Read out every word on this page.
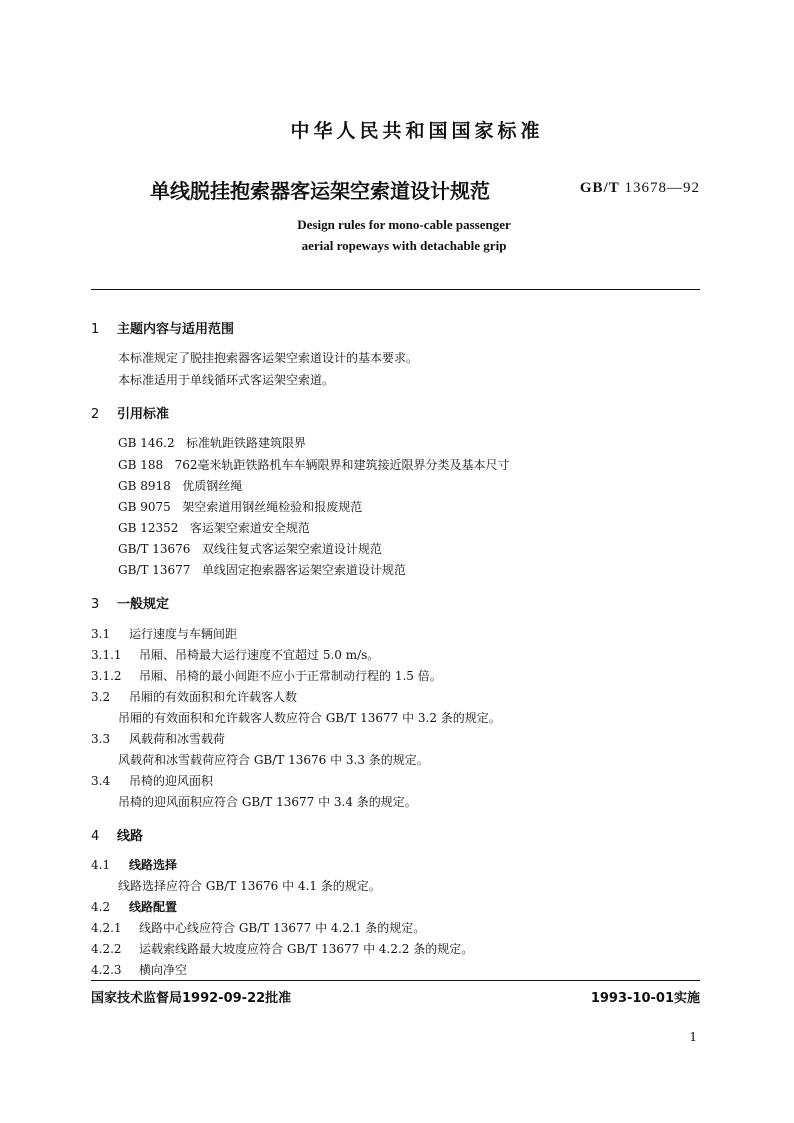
中华人民共和国国家标准
单线脱挂抱索器客运架空索道设计规范	GB/T 13678—92
Design rules for mono-cable passenger
aerial ropeways with detachable grip
1 主题内容与适用范围
本标准规定了脱挂抱索器客运架空索道设计的基本要求。
本标准适用于单线循环式客运架空索道。
2 引用标准
GB 146.2 标准轨距铁路建筑限界
GB 188 762毫米轨距铁路机车车辆限界和建筑接近限界分类及基本尺寸
GB 8918 优质钢丝绳
GB 9075 架空索道用钢丝绳检验和报废规范
GB 12352 客运架空索道安全规范
GB/T 13676 双线往复式客运架空索道设计规范
GB/T 13677 单线固定抱索器客运架空索道设计规范
3 一般规定
3.1 运行速度与车辆间距
3.1.1 吊厢、吊椅最大运行速度不宜超过 5.0 m/s。
3.1.2 吊厢、吊椅的最小间距不应小于正常制动行程的 1.5 倍。
3.2 吊厢的有效面积和允许载客人数
吊厢的有效面积和允许载客人数应符合 GB/T 13677 中 3.2 条的规定。
3.3 风载荷和冰雪载荷
风载荷和冰雪载荷应符合 GB/T 13676 中 3.3 条的规定。
3.4 吊椅的迎风面积
吊椅的迎风面积应符合 GB/T 13677 中 3.4 条的规定。
4 线路
4.1 线路选择
线路选择应符合 GB/T 13676 中 4.1 条的规定。
4.2 线路配置
4.2.1 线路中心线应符合 GB/T 13677 中 4.2.1 条的规定。
4.2.2 运载索线路最大坡度应符合 GB/T 13677 中 4.2.2 条的规定。
4.2.3 横向净空
国家技术监督局1992-09-22批准	1993-10-01实施
1
